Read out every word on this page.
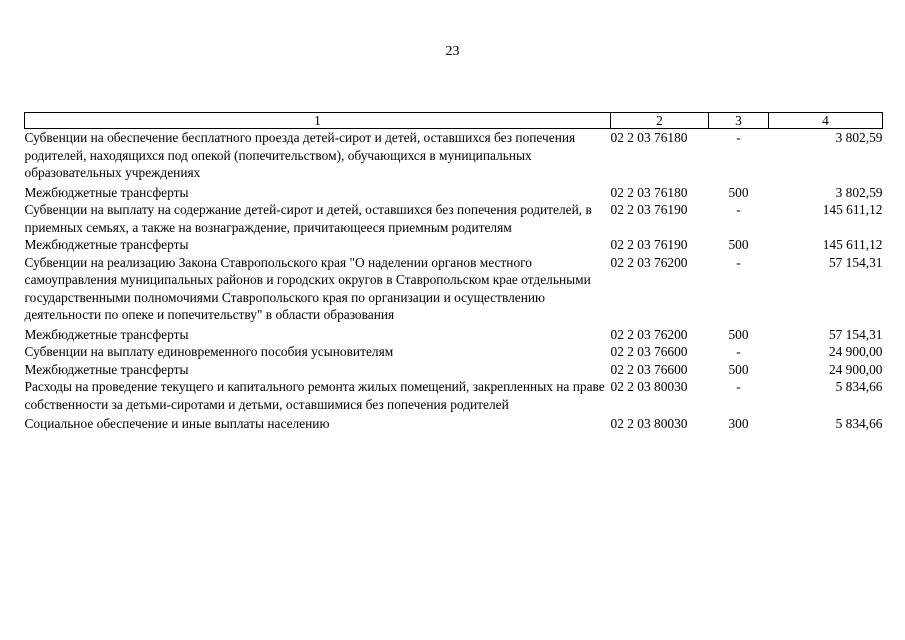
23
1	2	3	4
Субвенции на обеспечение бесплатного проезда детей-сирот и детей, оставшихся без попечения родителей, находящихся под опекой (попечительством), обучающихся в муниципальных образовательных учреждениях	02 2 03 76180	-	3 802,59
Межбюджетные трансферты	02 2 03 76180	500	3 802,59
Субвенции на выплату на содержание детей-сирот и детей, оставшихся без попечения родителей, в приемных семьях, а также на вознаграждение, причитающееся приемным родителям	02 2 03 76190	-	145 611,12
Межбюджетные трансферты	02 2 03 76190	500	145 611,12
Субвенции на реализацию Закона Ставропольского края "О наделении органов местного самоуправления муниципальных районов и городских округов в Ставропольском крае отдельными государственными полномочиями Ставропольского края по организации и осуществлению деятельности по опеке и попечительству" в области образования	02 2 03 76200	-	57 154,31
Межбюджетные трансферты	02 2 03 76200	500	57 154,31
Субвенции на выплату единовременного пособия усыновителям	02 2 03 76600	-	24 900,00
Межбюджетные трансферты	02 2 03 76600	500	24 900,00
Расходы на проведение текущего и капитального ремонта жилых помещений, закрепленных на праве собственности за детьми-сиротами и детьми, оставшимися без попечения родителей	02 2 03 80030	-	5 834,66
Социальное обеспечение и иные выплаты населению	02 2 03 80030	300	5 834,66
